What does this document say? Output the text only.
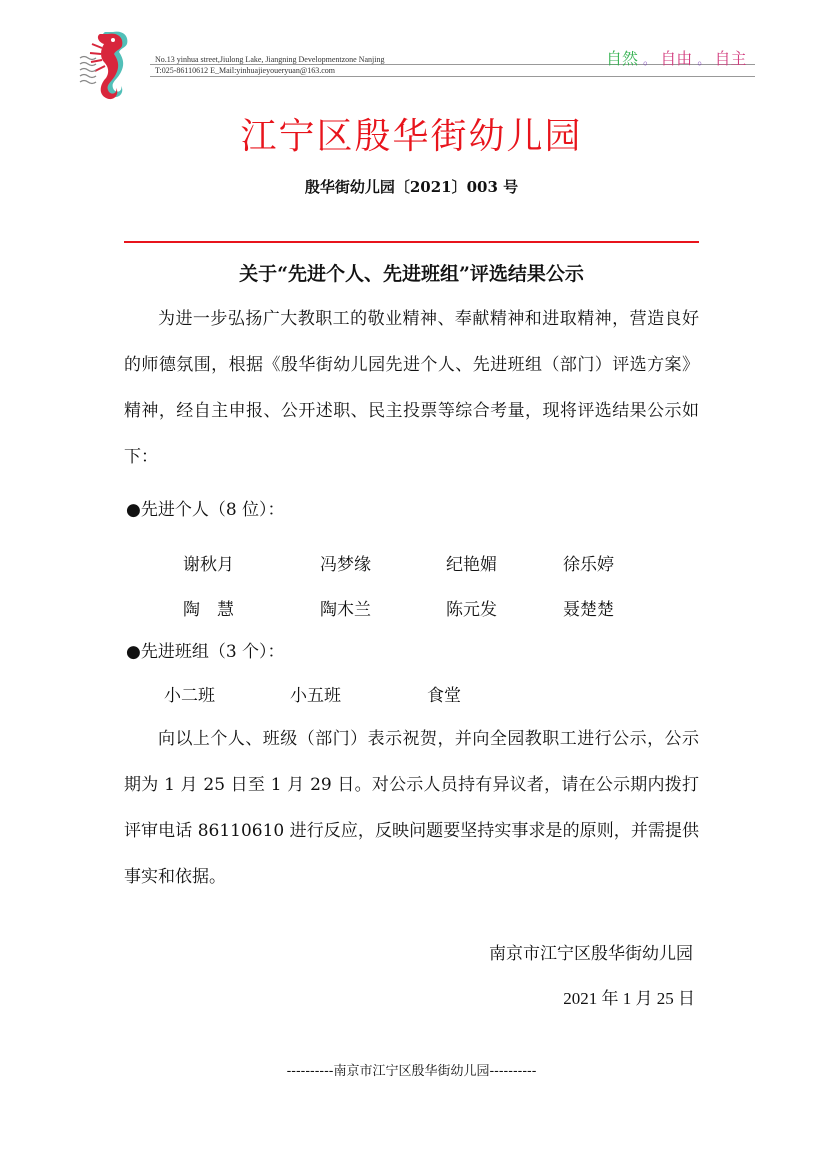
No.13 yinhua street,Jiulong Lake, Jiangning Developmentzone Nanjing
T:025-86110612 E_Mail:yinhuajieyoueryuan@163.com
自然 。 自由 。 自主
江宁区殷华街幼儿园
殷华街幼儿园〔2021〕003 号
关于“先进个人、先进班组”评选结果公示
为进一步弘扬广大教职工的敬业精神、奉献精神和进取精神，营造良好的师德氛围，根据《殷华街幼儿园先进个人、先进班组（部门）评选方案》精神，经自主申报、公开述职、民主投票等综合考量，现将评选结果公示如下：
●先进个人（8 位）：
谢秋月	冯梦缘	纪艳媚	徐乐婷
陶　慧	陶木兰	陈元发	聂楚楚
●先进班组（3 个）：
小二班	小五班	食堂
向以上个人、班级（部门）表示祝贺，并向全园教职工进行公示，公示期为 1 月 25 日至 1 月 29 日。对公示人员持有异议者，请在公示期内拨打评审电话 86110610 进行反应，反映问题要坚持实事求是的原则，并需提供事实和依据。
南京市江宁区殷华街幼儿园
2021 年 1 月 25 日
----------南京市江宁区殷华街幼儿园----------
